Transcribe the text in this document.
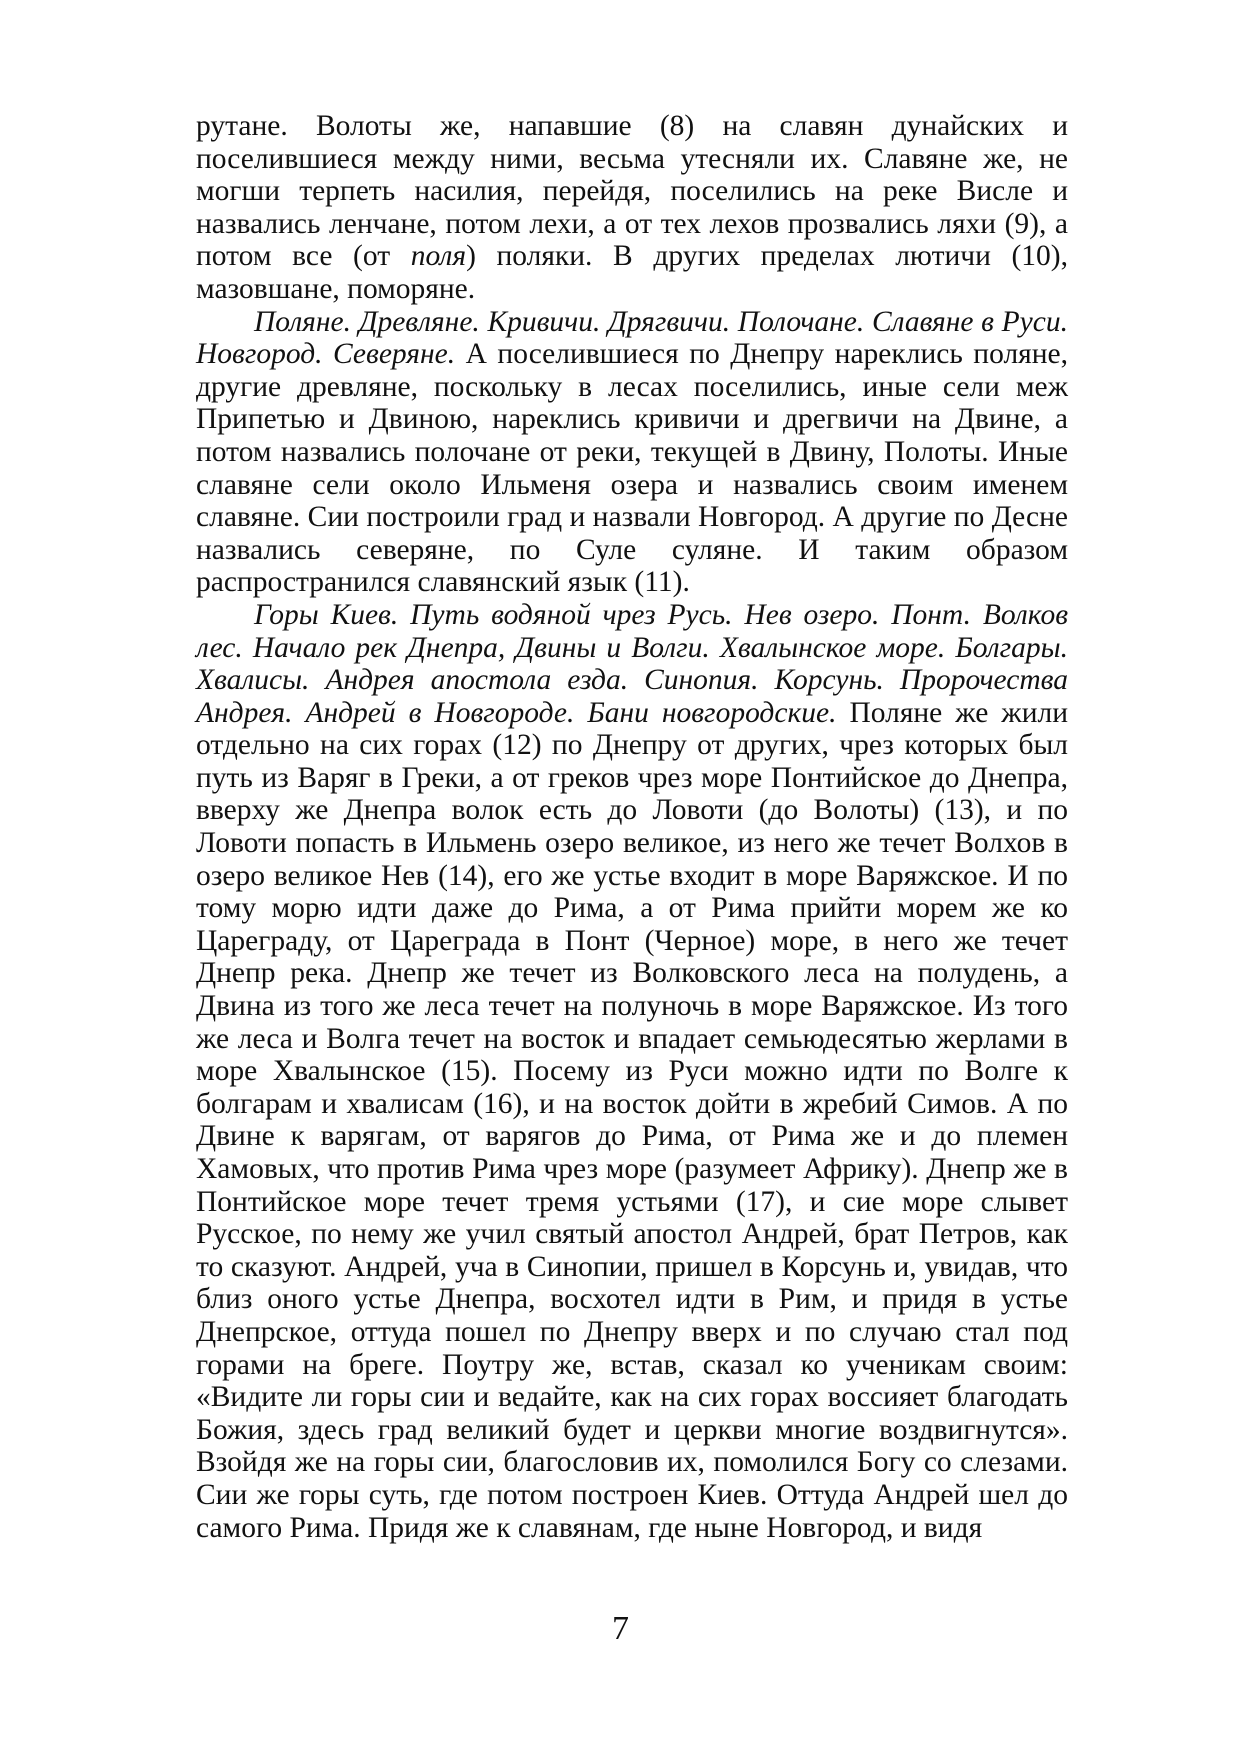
рутане. Волоты же, напавшие (8) на славян дунайских и поселившиеся между ними, весьма утесняли их. Славяне же, не могши терпеть насилия, перейдя, поселились на реке Висле и назвались ленчане, потом лехи, а от тех лехов прозвались ляхи (9), а потом все (от поля) поляки. В других пределах лютичи (10), мазовшане, поморяне.

Поляне. Древляне. Кривичи. Дрягвичи. Полочане. Славяне в Руси. Новгород. Северяне. А поселившиеся по Днепру нареклись поляне, другие древляне, поскольку в лесах поселились, иные сели меж Припетью и Двиною, нареклись кривичи и дрегвичи на Двине, а потом назвались полочане от реки, текущей в Двину, Полоты. Иные славяне сели около Ильменя озера и назвались своим именем славяне. Сии построили град и назвали Новгород. А другие по Десне назвались северяне, по Суле суляне. И таким образом распространился славянский язык (11).

Горы Киев. Путь водяной чрез Русь. Нев озеро. Понт. Волков лес. Начало рек Днепра, Двины и Волги. Хвалынское море. Болгары. Хвалисы. Андрея апостола езда. Синопия. Корсунь. Пророчества Андрея. Андрей в Новгороде. Бани новгородские. Поляне же жили отдельно на сих горах (12) по Днепру от других, чрез которых был путь из Варяг в Греки, а от греков чрез море Понтийское до Днепра, вверху же Днепра волок есть до Ловоти (до Волоты) (13), и по Ловоти попасть в Ильмень озеро великое, из него же течет Волхов в озеро великое Нев (14), его же устье входит в море Варяжское. И по тому морю идти даже до Рима, а от Рима прийти морем же ко Цареграду, от Цареграда в Понт (Черное) море, в него же течет Днепр река. Днепр же течет из Волковского леса на полудень, а Двина из того же леса течет на полуночь в море Варяжское. Из того же леса и Волга течет на восток и впадает семьюдесятью жерлами в море Хвалынское (15). Посему из Руси можно идти по Волге к болгарам и хвалисам (16), и на восток дойти в жребий Симов. А по Двине к варягам, от варягов до Рима, от Рима же и до племен Хамовых, что против Рима чрез море (разумеет Африку). Днепр же в Понтийское море течет тремя устьями (17), и сие море слывет Русское, по нему же учил святый апостол Андрей, брат Петров, как то сказуют. Андрей, уча в Синопии, пришел в Корсунь и, увидав, что близ оного устье Днепра, восхотел идти в Рим, и придя в устье Днепрское, оттуда пошел по Днепру вверх и по случаю стал под горами на бреге. Поутру же, встав, сказал ко ученикам своим: «Видите ли горы сии и ведайте, как на сих горах воссияет благодать Божия, здесь град великий будет и церкви многие воздвигнутся». Взойдя же на горы сии, благословив их, помолился Богу со слезами. Сии же горы суть, где потом построен Киев. Оттуда Андрей шел до самого Рима. Придя же к славянам, где ныне Новгород, и видя

7
